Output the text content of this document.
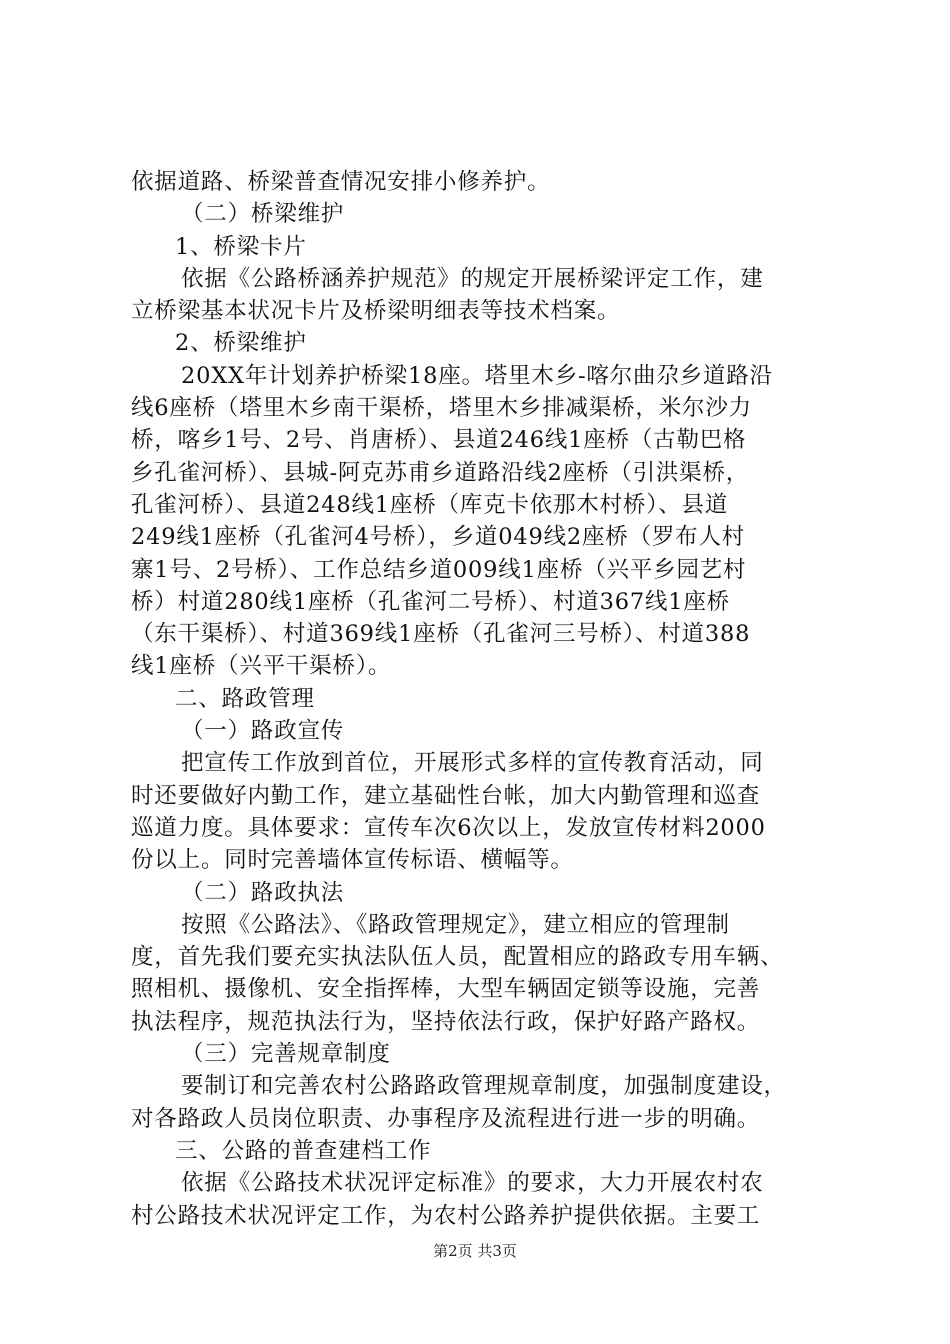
依据道路、桥梁普查情况安排小修养护。
（二）桥梁维护
1、桥梁卡片
依据《公路桥涵养护规范》的规定开展桥梁评定工作，建
立桥梁基本状况卡片及桥梁明细表等技术档案。
2、桥梁维护
20XX年计划养护桥梁18座。塔里木乡-喀尔曲尕乡道路沿
线6座桥（塔里木乡南干渠桥，塔里木乡排减渠桥，米尔沙力
桥，喀乡1号、2号、肖唐桥）、县道246线1座桥（古勒巴格
乡孔雀河桥）、县城-阿克苏甫乡道路沿线2座桥（引洪渠桥，
孔雀河桥）、县道248线1座桥（库克卡依那木村桥）、县道
249线1座桥（孔雀河4号桥），乡道049线2座桥（罗布人村
寨1号、2号桥）、工作总结乡道009线1座桥（兴平乡园艺村
桥）村道280线1座桥（孔雀河二号桥）、村道367线1座桥
（东干渠桥）、村道369线1座桥（孔雀河三号桥）、村道388
线1座桥（兴平干渠桥）。
二、路政管理
（一）路政宣传
把宣传工作放到首位，开展形式多样的宣传教育活动，同
时还要做好内勤工作，建立基础性台帐，加大内勤管理和巡查
巡道力度。具体要求：宣传车次6次以上，发放宣传材料2000
份以上。同时完善墙体宣传标语、横幅等。
（二）路政执法
按照《公路法》、《路政管理规定》，建立相应的管理制
度，首先我们要充实执法队伍人员，配置相应的路政专用车辆、
照相机、摄像机、安全指挥棒，大型车辆固定锁等设施，完善
执法程序，规范执法行为，坚持依法行政，保护好路产路权。
（三）完善规章制度
要制订和完善农村公路路政管理规章制度，加强制度建设，
对各路政人员岗位职责、办事程序及流程进行进一步的明确。
三、公路的普查建档工作
依据《公路技术状况评定标准》的要求，大力开展农村农
村公路技术状况评定工作，为农村公路养护提供依据。主要工
第2页 共3页
